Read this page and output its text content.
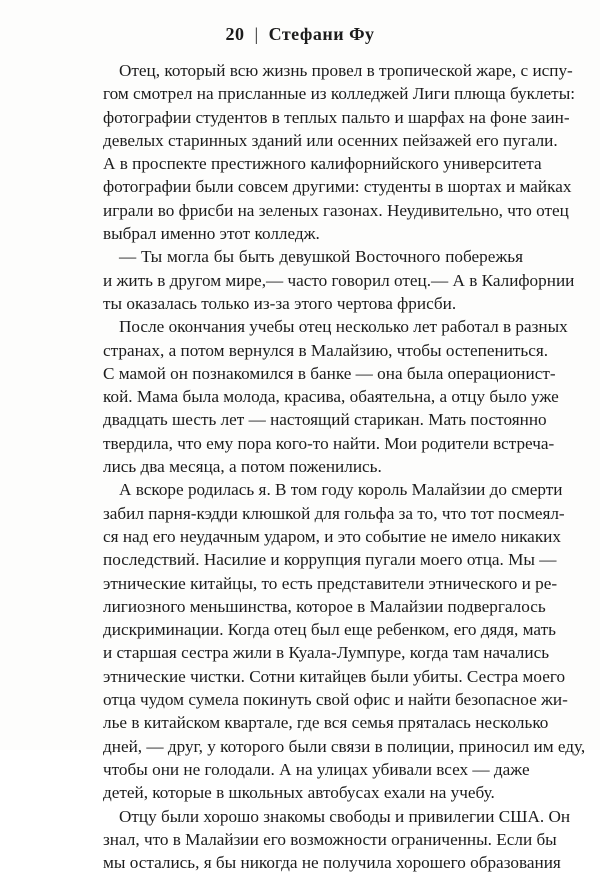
20 | Стефани Фу
Отец, который всю жизнь провел в тропической жаре, с испу-
гом смотрел на присланные из колледжей Лиги плюща буклеты:
фотографии студентов в теплых пальто и шарфах на фоне заин-
девелых старинных зданий или осенних пейзажей его пугали.
А в проспекте престижного калифорнийского университета
фотографии были совсем другими: студенты в шортах и майках
играли во фрисби на зеленых газонах. Неудивительно, что отец
выбрал именно этот колледж.
— Ты могла бы быть девушкой Восточного побережья
и жить в другом мире,— часто говорил отец.— А в Калифорнии
ты оказалась только из-за этого чертова фрисби.
После окончания учебы отец несколько лет работал в разных
странах, а потом вернулся в Малайзию, чтобы остепениться.
С мамой он познакомился в банке — она была операционист-
кой. Мама была молода, красива, обаятельна, а отцу было уже
двадцать шесть лет — настоящий старикан. Мать постоянно
твердила, что ему пора кого-то найти. Мои родители встреча-
лись два месяца, а потом поженились.
А вскоре родилась я. В том году король Малайзии до смерти
забил парня-кэдди клюшкой для гольфа за то, что тот посмеял-
ся над его неудачным ударом, и это событие не имело никаких
последствий. Насилие и коррупция пугали моего отца. Мы —
этнические китайцы, то есть представители этнического и ре-
лигиозного меньшинства, которое в Малайзии подвергалось
дискриминации. Когда отец был еще ребенком, его дядя, мать
и старшая сестра жили в Куала-Лумпуре, когда там начались
этнические чистки. Сотни китайцев были убиты. Сестра моего
отца чудом сумела покинуть свой офис и найти безопасное жи-
лье в китайском квартале, где вся семья пряталась несколько
дней, — друг, у которого были связи в полиции, приносил им еду,
чтобы они не голодали. А на улицах убивали всех — даже
детей, которые в школьных автобусах ехали на учебу.
Отцу были хорошо знакомы свободы и привилегии США. Он
знал, что в Малайзии его возможности ограниченны. Если бы
мы остались, я бы никогда не получила хорошего образования
